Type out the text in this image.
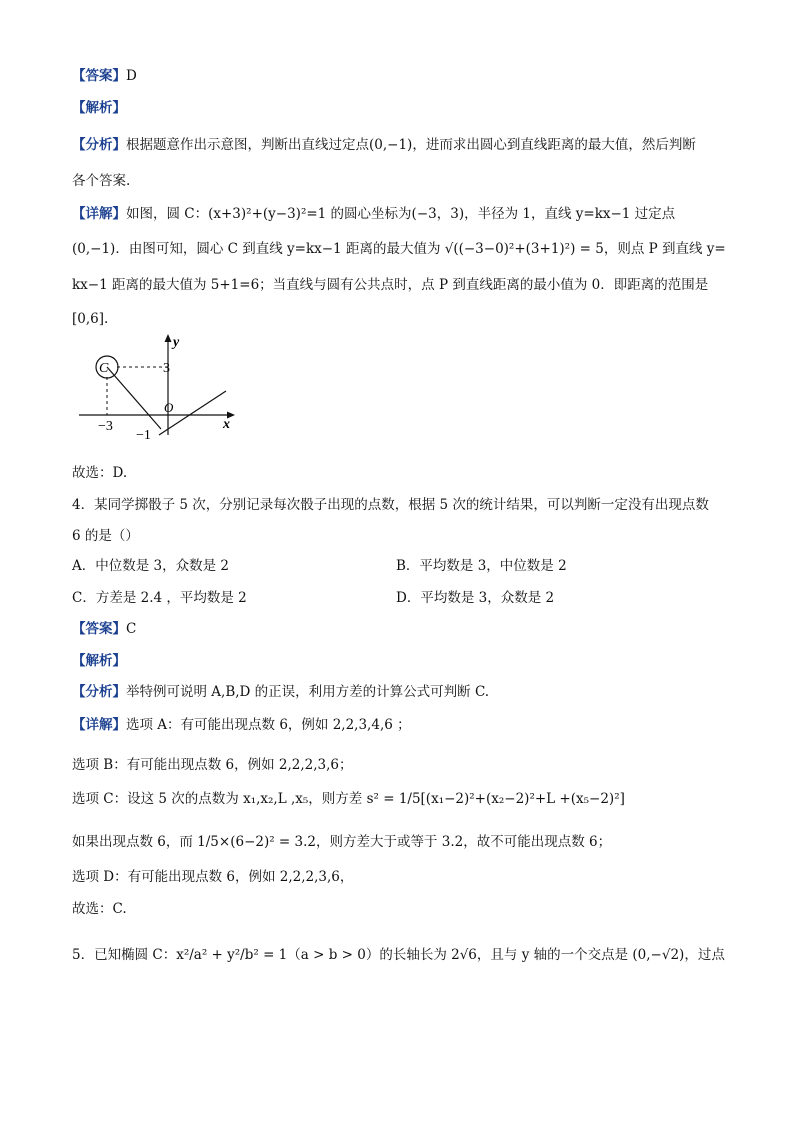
【答案】D
【解析】
【分析】根据题意作出示意图，判断出直线过定点(0,−1)，进而求出圆心到直线距离的最大值，然后判断
各个答案.
【详解】如图，圆 C：(x+3)²+(y−3)²=1 的圆心坐标为(−3，3)，半径为 1，直线 y=kx−1 过定点
(0,−1)．由图可知，圆心 C 到直线 y=kx−1 距离的最大值为 √((−3−0)²+(3+1)²) = 5，则点 P 到直线 y=
kx−1 距离的最大值为 5+1=6；当直线与圆有公共点时，点 P 到直线距离的最小值为 0．即距离的范围是
[0,6].
y
x
3
C
O
−3
−1
故选：D.
4．某同学掷骰子 5 次，分别记录每次骰子出现的点数，根据 5 次的统计结果，可以判断一定没有出现点数
6 的是（）
A．中位数是 3，众数是 2	B．平均数是 3，中位数是 2
C．方差是 2.4 ，平均数是 2	D．平均数是 3，众数是 2
【答案】C
【解析】
【分析】举特例可说明 A,B,D 的正误，利用方差的计算公式可判断 C.
【详解】选项 A：有可能出现点数 6，例如 2,2,3,4,6 ；
选项 B：有可能出现点数 6，例如 2,2,2,3,6；
选项 C：设这 5 次的点数为 x₁,x₂,L ,x₅，则方差 s² = 1/5[(x₁−2)²+(x₂−2)²+L +(x₅−2)²]
如果出现点数 6，而 1/5×(6−2)² = 3.2，则方差大于或等于 3.2，故不可能出现点数 6；
选项 D：有可能出现点数 6，例如 2,2,2,3,6，
故选：C.
5．已知椭圆 C：x²/a² + y²/b² = 1（a > b > 0）的长轴长为 2√6，且与 y 轴的一个交点是 (0,−√2)，过点
